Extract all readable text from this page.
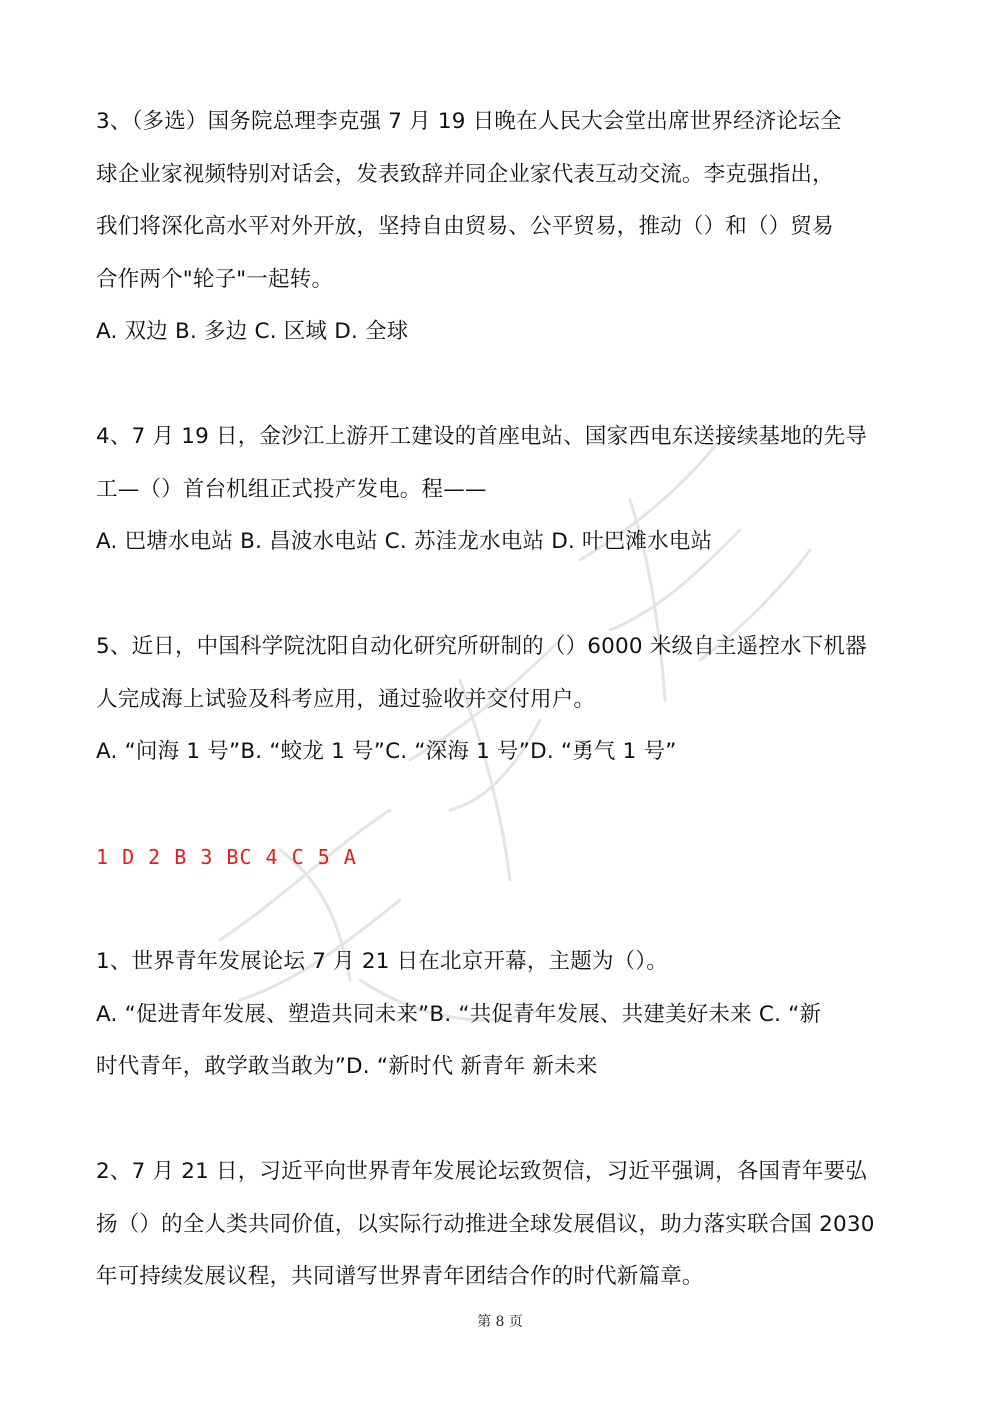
3、（多选）国务院总理李克强 7 月 19 日晚在人民大会堂出席世界经济论坛全
球企业家视频特别对话会，发表致辞并同企业家代表互动交流。李克强指出，
我们将深化高水平对外开放，坚持自由贸易、公平贸易，推动（）和（）贸易
合作两个"轮子"一起转。
A. 双边 B. 多边 C. 区域 D. 全球
4、7 月 19 日，金沙江上游开工建设的首座电站、国家西电东送接续基地的先导
工—（）首台机组正式投产发电。程——
A. 巴塘水电站 B. 昌波水电站 C. 苏洼龙水电站 D. 叶巴滩水电站
5、近日，中国科学院沈阳自动化研究所研制的（）6000 米级自主遥控水下机器
人完成海上试验及科考应用，通过验收并交付用户。
A. “问海 1 号”B. “蛟龙 1 号”C. “深海 1 号”D. “勇气 1 号”
1 D 2 B 3 BC 4 C 5 A
1、世界青年发展论坛 7 月 21 日在北京开幕，主题为（）。
A. “促进青年发展、塑造共同未来”B. “共促青年发展、共建美好未来 C. “新
时代青年，敢学敢当敢为”D. “新时代 新青年 新未来
2、7 月 21 日，习近平向世界青年发展论坛致贺信，习近平强调，各国青年要弘
扬（）的全人类共同价值，以实际行动推进全球发展倡议，助力落实联合国 2030
年可持续发展议程，共同谱写世界青年团结合作的时代新篇章。
第 8 页
